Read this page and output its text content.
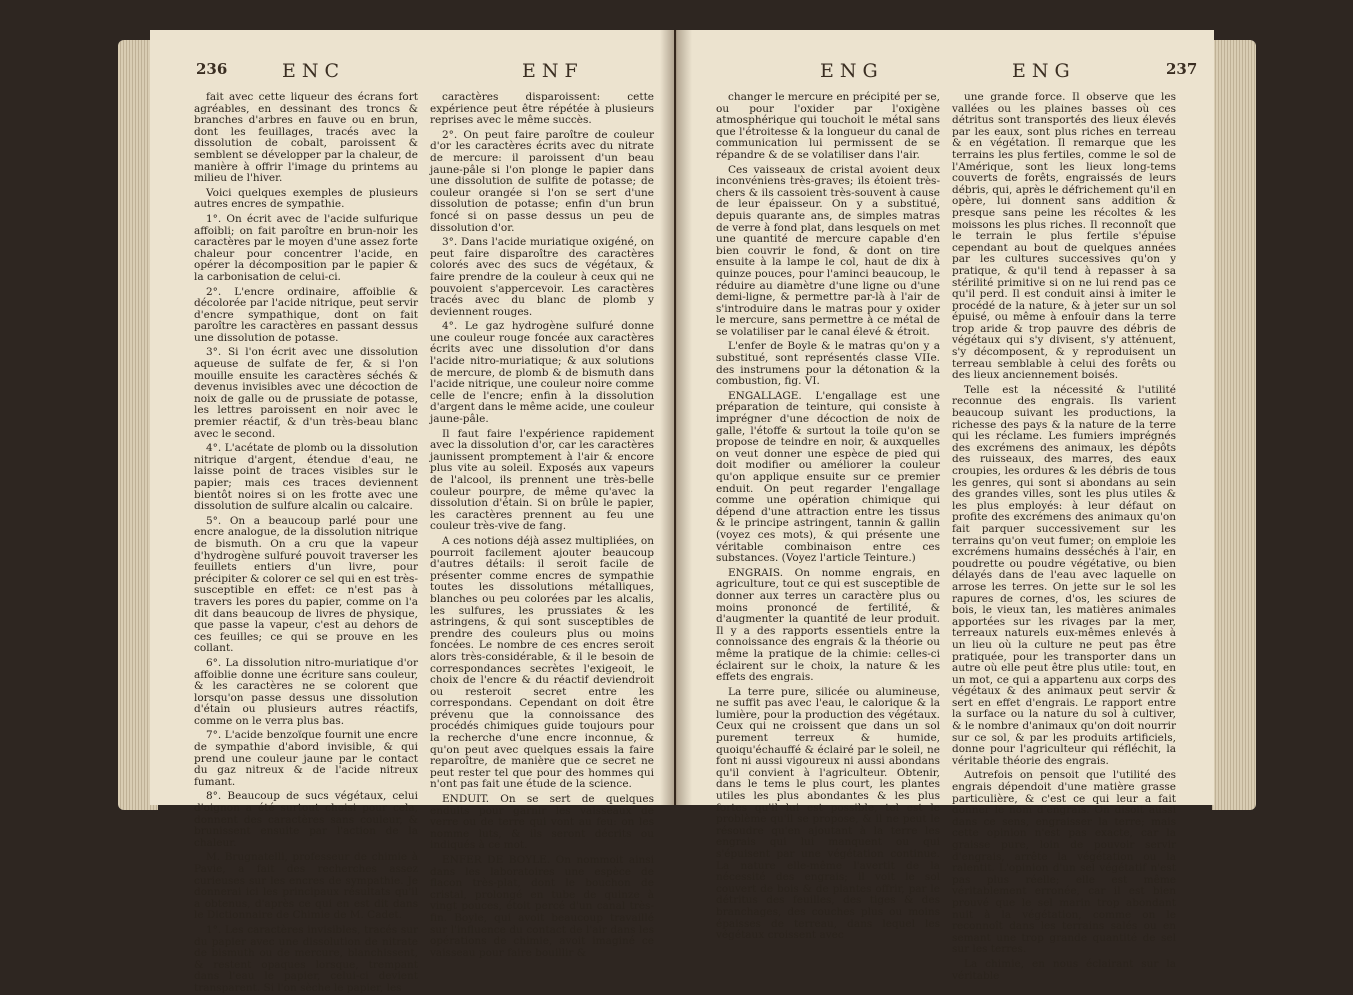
236	ENC	ENF

fait avec cette liqueur des écrans fort agréables, en dessinant des troncs & branches d'arbres en fauve ou en brun, dont les feuillages, tracés avec la dissolution de cobalt, paroissent & semblent se développer par la chaleur, de manière à offrir l'image du printems au milieu de l'hiver.

Voici quelques exemples de plusieurs autres encres de sympathie.

1°. On écrit avec de l'acide sulfurique affoibli; on fait paroître en brun-noir les caractères par le moyen d'une assez forte chaleur pour concentrer l'acide, en opérer la décomposition par le papier & la carbonisation de celui-ci.

2°. L'encre ordinaire, affoiblie & décolorée par l'acide nitrique, peut servir d'encre sympathique, dont on fait paroître les caractères en passant dessus une dissolution de potasse.

3°. Si l'on écrit avec une dissolution aqueuse de sulfate de fer, & si l'on mouille ensuite les caractères séchés & devenus invisibles avec une décoction de noix de galle ou de prussiate de potasse, les lettres paroissent en noir avec le premier réactif, & d'un très-beau blanc avec le second.

4°. L'acétate de plomb ou la dissolution nitrique d'argent, étendue d'eau, ne laisse point de traces visibles sur le papier; mais ces traces deviennent bientôt noires si on les frotte avec une dissolution de sulfure alcalin ou calcaire.

5°. On a beaucoup parlé pour une encre analogue, de la dissolution nitrique de bismuth. On a cru que la vapeur d'hydrogène sulfuré pouvoit traverser les feuillets entiers d'un livre, pour précipiter & colorer ce sel qui en est très-susceptible en effet: ce n'est pas à travers les pores du papier, comme on l'a dit dans beaucoup de livres de physique, que passe la vapeur, c'est au dehors de ces feuilles; ce qui se prouve en les collant.

6°. La dissolution nitro-muriatique d'or affoiblie donne une écriture sans couleur, & les caractères ne se colorent que lorsqu'on passe dessus une dissolution d'étain ou plusieurs autres réactifs, comme on le verra plus bas.

7°. L'acide benzoïque fournit une encre de sympathie d'abord invisible, & qui prend une couleur jaune par le contact du gaz nitreux & de l'acide nitreux fumant.

8°. Beaucoup de sucs végétaux, celui d'oignon a été surtout choisi pour cela, donnent des caractères sans couleur, & brunissent ensuite par l'action de la chaleur.

M. Brugnatelli, professeur de chimie à Pavie, a fait des recherches assez curieuses sur les encres de sympathie. Je donnerai ici les principaux résultats qu'il a obtenus, d'après ce qui en est dit dans le Dictionnaire de Chimie de M. Cadet.

1°. Les caractères invisibles, tracés sur du papier avec une dissolution de nitrate de bismuth ou de mercure, blanchissent, & restent opaques lorsque, trempant dans l'eau le papier, celui-ci devient transparent. Si l'on sèche le papier, les

caractères disparoissent: cette expérience peut être répétée à plusieurs reprises avec le même succès.

2°. On peut faire paroître de couleur d'or les caractères écrits avec du nitrate de mercure: il paroissent d'un beau jaune-pâle si l'on plonge le papier dans une dissolution de sulfite de potasse; de couleur orangée si l'on se sert d'une dissolution de potasse; enfin d'un brun foncé si on passe dessus un peu de dissolution d'or.

3°. Dans l'acide muriatique oxigéné, on peut faire disparoître des caractères colorés avec des sucs de végétaux, & faire prendre de la couleur à ceux qui ne pouvoient s'appercevoir. Les caractères tracés avec du blanc de plomb y deviennent rouges.

4°. Le gaz hydrogène sulfuré donne une couleur rouge foncée aux caractères écrits avec une dissolution d'or dans l'acide nitro-muriatique; & aux solutions de mercure, de plomb & de bismuth dans l'acide nitrique, une couleur noire comme celle de l'encre; enfin à la dissolution d'argent dans le même acide, une couleur jaune-pâle.

Il faut faire l'expérience rapidement avec la dissolution d'or, car les caractères jaunissent promptement à l'air & encore plus vite au soleil. Exposés aux vapeurs de l'alcool, ils prennent une très-belle couleur pourpre, de même qu'avec la dissolution d'étain. Si on brûle le papier, les caractères prennent au feu une couleur très-vive de fang.

A ces notions déjà assez multipliées, on pourroit facilement ajouter beaucoup d'autres détails: il seroit facile de présenter comme encres de sympathie toutes les dissolutions métalliques, blanches ou peu colorées par les alcalis, les sulfures, les prussiates & les astringens, & qui sont susceptibles de prendre des couleurs plus ou moins foncées. Le nombre de ces encres seroit alors très-considérable, & il le besoin de correspondances secrètes l'exigeoit, le choix de l'encre & du réactif deviendroit ou resteroit secret entre les correspondans. Cependant on doit être prévenu que la connoissance des procédés chimiques guide toujours pour la recherche d'une encre inconnue, & qu'on peut avec quelques essais la faire reparoître, de manière que ce secret ne peut rester tel que pour des hommes qui n'ont pas fait une étude de la science.

ENDUIT. On se sert de quelques enduits pour garnir les vaisseaux de verre ou de terre qui vont au feu: on les nomme luts, & ils seront décrits ou indiqués à ce mot.

ENFER DE BOYLE. On nommoit ainsi dans les laboratoires une espèce de flacon très-plat, dont le bouchon de cristal, prolongé en tube de quinze à vingt pouces, étoit percé d'un canal très-fin. Boyle, qui avoit beaucoup travaillé sur l'influence du contact de l'air dans les opérations de chimie, avoit imaginé ce vaisseau pour faire bouillir &

ENG	ENG	237

changer le mercure en précipité per se, ou pour l'oxider par l'oxigène atmosphérique qui touchoit le métal sans que l'étroitesse & la longueur du canal de communication lui permissent de se répandre & de se volatiliser dans l'air.

Ces vaisseaux de cristal avoient deux inconvéniens très-graves; ils étoient très-chers & ils cassoient très-souvent à cause de leur épaisseur. On y a substitué, depuis quarante ans, de simples matras de verre à fond plat, dans lesquels on met une quantité de mercure capable d'en bien couvrir le fond, & dont on tire ensuite à la lampe le col, haut de dix à quinze pouces, pour l'aminci beaucoup, le réduire au diamètre d'une ligne ou d'une demi-ligne, & permettre par-là à l'air de s'introduire dans le matras pour y oxider le mercure, sans permettre à ce métal de se volatiliser par le canal élevé & étroit.

L'enfer de Boyle & le matras qu'on y a substitué, sont représentés classe VIIe. des instrumens pour la détonation & la combustion, fig. VI.

ENGALLAGE. L'engallage est une préparation de teinture, qui consiste à imprégner d'une décoction de noix de galle, l'étoffe & surtout la toile qu'on se propose de teindre en noir, & auxquelles on veut donner une espèce de pied qui doit modifier ou améliorer la couleur qu'on applique ensuite sur ce premier enduit. On peut regarder l'engallage comme une opération chimique qui dépend d'une attraction entre les tissus & le principe astringent, tannin & gallin (voyez ces mots), & qui présente une véritable combinaison entre ces substances. (Voyez l'article Teinture.)

ENGRAIS. On nomme engrais, en agriculture, tout ce qui est susceptible de donner aux terres un caractère plus ou moins prononcé de fertilité, & d'augmenter la quantité de leur produit. Il y a des rapports essentiels entre la connoissance des engrais & la théorie ou même la pratique de la chimie: celles-ci éclairent sur le choix, la nature & les effets des engrais.

La terre pure, silicée ou alumineuse, ne suffit pas avec l'eau, le calorique & la lumière, pour la production des végétaux. Ceux qui ne croissent que dans un sol purement terreux & humide, quoiqu'échauffé & éclairé par le soleil, ne font ni aussi vigoureux ni aussi abondans qu'il convient à l'agriculteur. Obtenir, dans le tems le plus court, les plantes utiles les plus abondantes & les plus fortes qu'il lui est possible, tel est le problème qu'il se propose, & il ne peut le résoudre qu'en ajoutant à la terre les engrais qui lui manquent ou qui s'épuisent par une végétation continue. La nature elle-même l'avertit de la nécessité des engrais; il voit le sol couvert de bois & de plantes offrir, par le détritus des feuilles, des tiges & des branchages, des couches plus ou moins épaisses de terreau, dans lequel les végétaux croissent avec

une grande force. Il observe que les vallées ou les plaines basses où ces détritus sont transportés des lieux élevés par les eaux, sont plus riches en terreau & en végétation. Il remarque que les terrains les plus fertiles, comme le sol de l'Amérique, sont les lieux long-tems couverts de forêts, engraissés de leurs débris, qui, après le défrichement qu'il en opère, lui donnent sans addition & presque sans peine les récoltes & les moissons les plus riches. Il reconnoît que le terrain le plus fertile s'épuise cependant au bout de quelques années par les cultures successives qu'on y pratique, & qu'il tend à repasser à sa stérilité primitive si on ne lui rend pas ce qu'il perd. Il est conduit ainsi à imiter le procédé de la nature, & à jeter sur un sol épuisé, ou même à enfouir dans la terre trop aride & trop pauvre des débris de végétaux qui s'y divisent, s'y atténuent, s'y décomposent, & y reproduisent un terreau semblable à celui des forêts ou des lieux anciennement boisés.

Telle est la nécessité & l'utilité reconnue des engrais. Ils varient beaucoup suivant les productions, la richesse des pays & la nature de la terre qui les réclame. Les fumiers imprégnés des excrémens des animaux, les dépôts des ruisseaux, des marres, des eaux croupies, les ordures & les débris de tous les genres, qui sont si abondans au sein des grandes villes, sont les plus utiles & les plus employés: à leur défaut on profite des excrémens des animaux qu'on fait parquer successivement sur les terrains qu'on veut fumer; on emploie les excrémens humains desséchés à l'air, en poudrette ou poudre végétative, ou bien délayés dans de l'eau avec laquelle on arrose les terres. On jette sur le sol les rapures de cornes, d'os, les sciures de bois, le vieux tan, les matières animales apportées sur les rivages par la mer, terreaux naturels eux-mêmes enlevés à un lieu où la culture ne peut pas être pratiquée, pour les transporter dans un autre où elle peut être plus utile: tout, en un mot, ce qui a appartenu aux corps des végétaux & des animaux peut servir & sert en effet d'engrais. Le rapport entre la surface ou la nature du sol à cultiver, & le nombre d'animaux qu'on doit nourrir sur ce sol, & par les produits artificiels, donne pour l'agriculteur qui réfléchit, la véritable théorie des engrais.

Autrefois on pensoit que l'utilité des engrais dépendoit d'une matière grasse particulière, & c'est ce qui leur a fait donner le nom d'engrais. On disoit aussi dans ce sens, engraisser la terre; mais cette opinion n'est pas exacte, car la graisse pure, loin de pouvoir servir d'engrais, arrête la végétation ou la ralentit. L'opinion d'un sel végétatif n'est pas plus réelle; elle est même véritablement erronée, car il est bien prouvé que le sel marin trop abondant nuit à la végétation, comme on le reconnoît dans les terrains salés ou en semant une trop grande quantité de sel sur les terres.

La chimie, en nous éclairant sur la véritable
